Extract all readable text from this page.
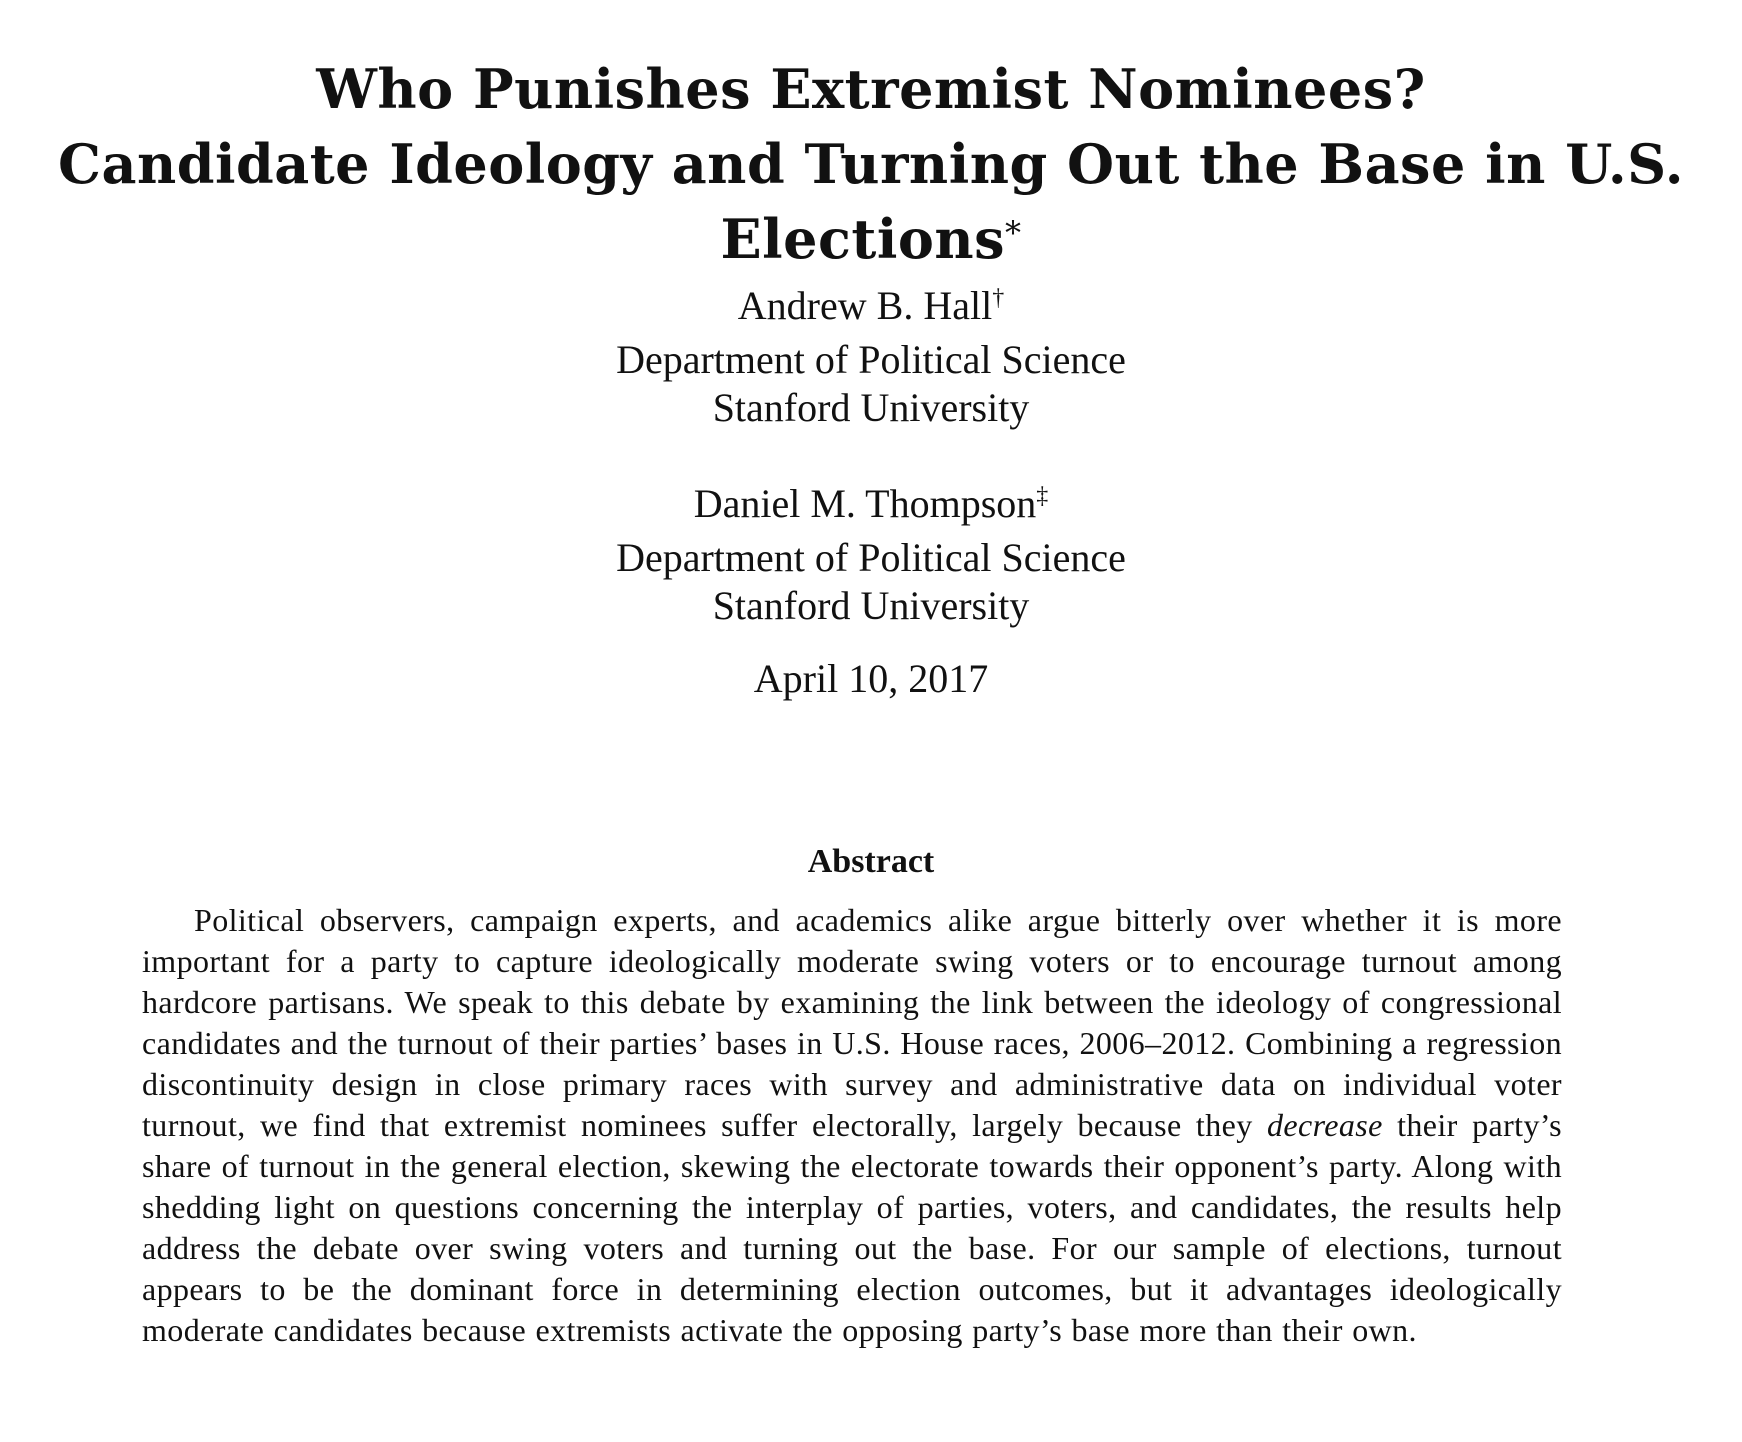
Who Punishes Extremist Nominees?
Candidate Ideology and Turning Out the Base in U.S.
Elections*
Andrew B. Hall†
Department of Political Science
Stanford University
Daniel M. Thompson‡
Department of Political Science
Stanford University
April 10, 2017
Abstract

Political observers, campaign experts, and academics alike argue bitterly over whether it is more important for a party to capture ideologically moderate swing voters or to encourage turnout among hardcore partisans. We speak to this debate by examining the link between the ideology of congressional candidates and the turnout of their parties’ bases in U.S. House races, 2006–2012. Combining a regression discontinuity design in close primary races with survey and administrative data on individual voter turnout, we find that extremist nominees suffer electorally, largely because they decrease their party’s share of turnout in the general election, skewing the electorate towards their opponent’s party. Along with shedding light on questions concerning the interplay of parties, voters, and candidates, the results help address the debate over swing voters and turning out the base. For our sample of elections, turnout appears to be the dominant force in determining election outcomes, but it advantages ideologically moderate candidates because extremists activate the opposing party’s base more than their own.
